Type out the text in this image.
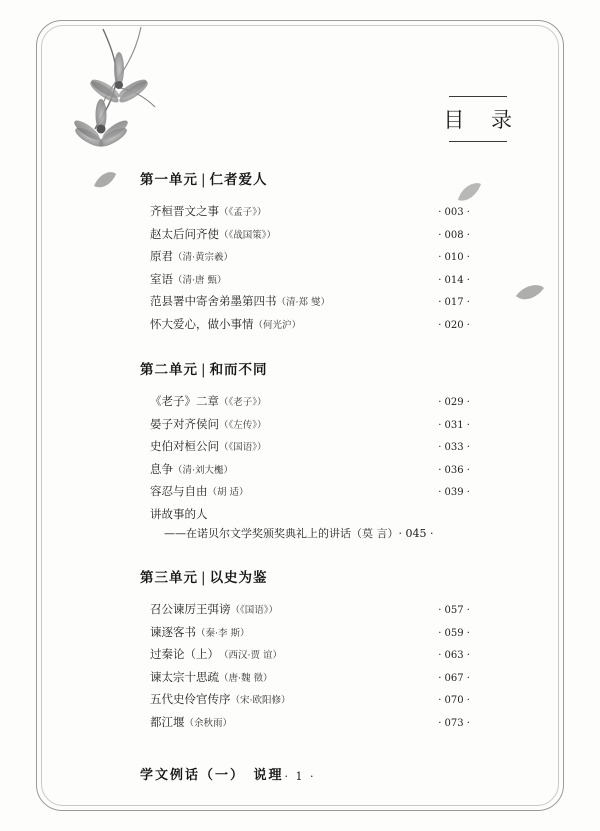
目 录
第一单元 | 仁者爱人
齐桓晋文之事 （《孟子》）	· 003 ·
赵太后问齐使 （《战国策》）	· 008 ·
原君 （清·黄宗羲）	· 010 ·
室语 （清·唐 甄）	· 014 ·
范县署中寄舍弟墨第四书 （清·郑 燮）	· 017 ·
怀大爱心，做小事情 （何光沪）	· 020 ·
第二单元 | 和而不同
《老子》二章 （《老子》）	· 029 ·
晏子对齐侯问 （《左传》）	· 031 ·
史伯对桓公问 （《国语》）	· 033 ·
息争 （清·刘大櫆）	· 036 ·
容忍与自由 （胡 适）	· 039 ·
讲故事的人
——在诺贝尔文学奖颁奖典礼上的讲话 （莫 言） · 045 ·
第三单元 | 以史为鉴
召公谏厉王弭谤 （《国语》）	· 057 ·
谏逐客书 （秦·李 斯）	· 059 ·
过秦论（上） （西汉·贾 谊）	· 063 ·
谏太宗十思疏 （唐·魏 徵）	· 067 ·
五代史伶官传序 （宋·欧阳修）	· 070 ·
都江堰 （余秋雨）	· 073 ·
学文例话（一）　说理 · 1 ·
